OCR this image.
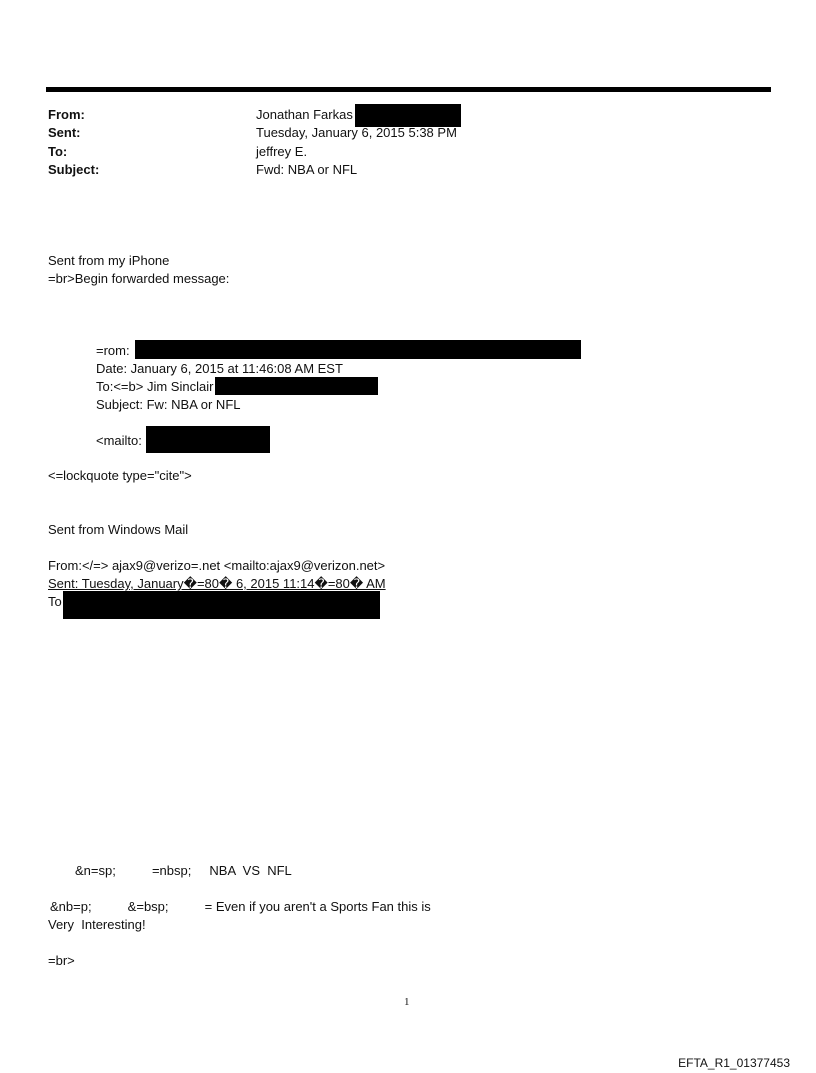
From:	Jonathan Farkas
Sent:	Tuesday, January 6, 2015 5:38 PM
To:	jeffrey E.
Subject:	Fwd: NBA or NFL
Sent from my iPhone
=br>Begin forwarded message:
=rom:
Date: January 6, 2015 at 11:46:08 AM EST
To:<=b> Jim Sinclair
Subject: Fw: NBA or NFL
<mailto:
<=lockquote type="cite">
Sent from Windows Mail
From:</=> ajax9@verizo=.net <mailto:ajax9@verizon.net>
Sent: Tuesday, January�=80� 6, 2015 11:14�=80� AM
To
&n=sp;          =nbsp;     NBA  VS  NFL
&nb=p;          &=bsp;          = Even if you aren't a Sports Fan this is
Very  Interesting!
=br>
1
EFTA_R1_01377453
